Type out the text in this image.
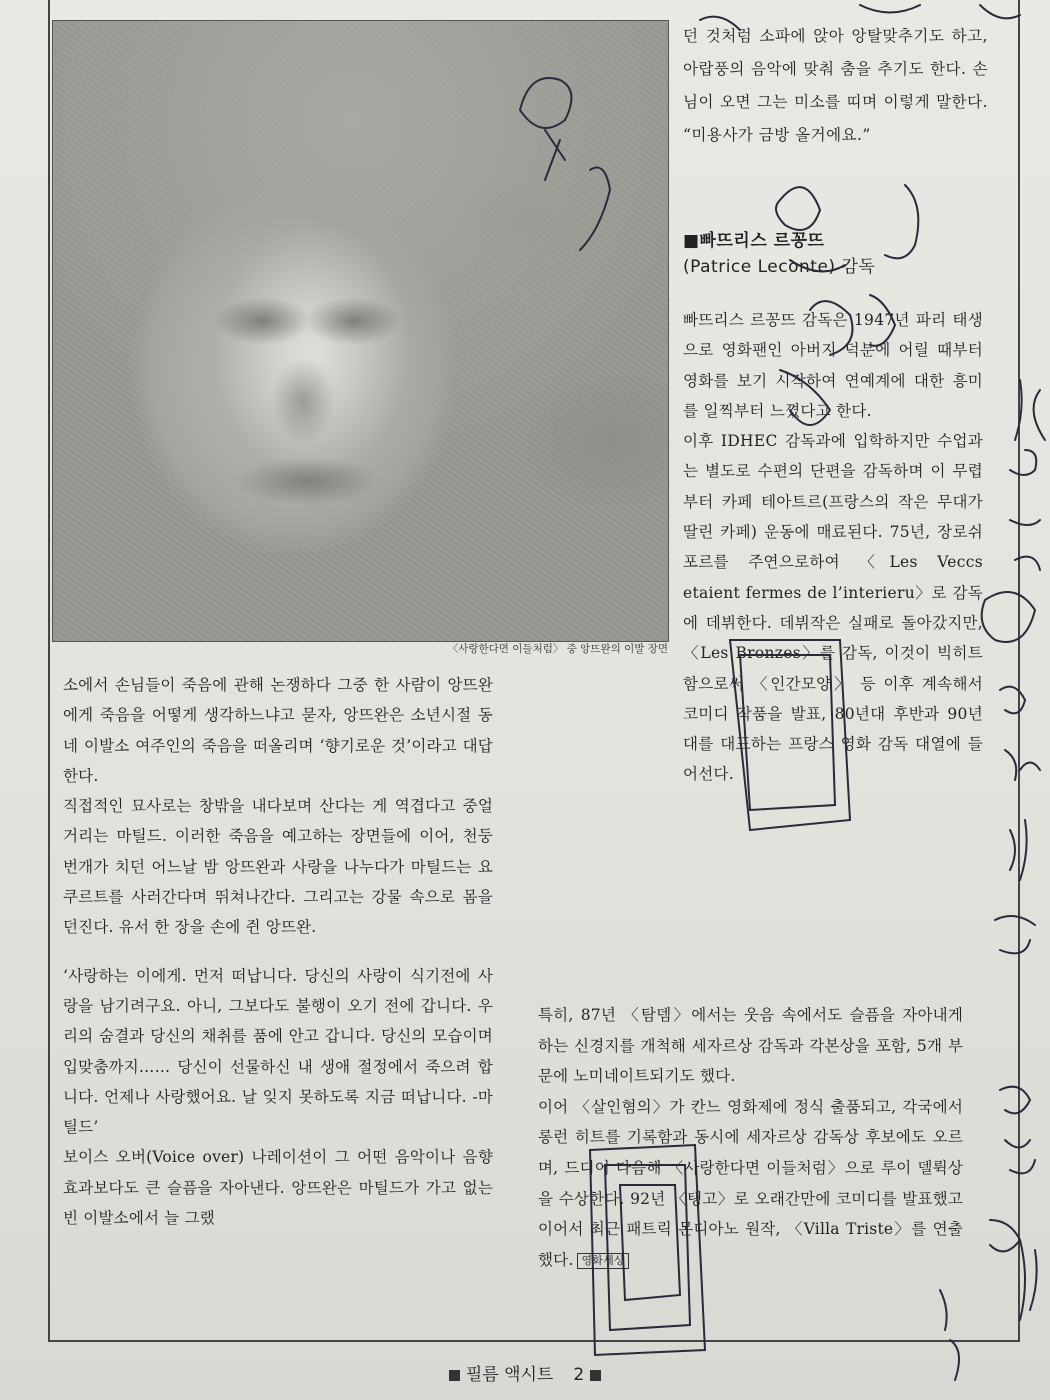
〈사랑한다면 이들처럼〉 중 앙뜨완의 이발 장면

던 것처럼 소파에 앉아 앙탈맞추기도 하고, 아랍풍의 음악에 맞춰 춤을 추기도 한다. 손님이 오면 그는 미소를 띠며 이렇게 말한다. “미용사가 금방 올거에요.”

■빠뜨리스 르꽁뜨
(Patrice Leconte) 감독

빠뜨리스 르꽁뜨 감독은 1947년 파리 태생으로 영화팬인 아버지 덕분에 어릴 때부터 영화를 보기 시작하여 연예계에 대한 흥미를 일찍부터 느꼈다고 한다.

이후 IDHEC 감독과에 입학하지만 수업과는 별도로 수편의 단편을 감독하며 이 무렵부터 카페 테아트르(프랑스의 작은 무대가 딸린 카페) 운동에 매료된다. 75년, 장로쉬포르를 주연으로하여 〈Les Veccs etaient fermes de l’interieru〉로 감독에 데뷔한다. 데뷔작은 실패로 돌아갔지만, 〈Les Bronzes〉를 감독, 이것이 빅히트함으로써 〈인간모양〉 등 이후 계속해서 코미디 작품을 발표, 80년대 후반과 90년대를 대표하는 프랑스 영화 감독 대열에 들어선다.

소에서 손님들이 죽음에 관해 논쟁하다 그중 한 사람이 앙뜨완에게 죽음을 어떻게 생각하느냐고 묻자, 앙뜨완은 소년시절 동네 이발소 여주인의 죽음을 떠올리며 ‘향기로운 것’이라고 대답한다.

직접적인 묘사로는 창밖을 내다보며 산다는 게 역겹다고 중얼거리는 마틸드. 이러한 죽음을 예고하는 장면들에 이어, 천둥 번개가 치던 어느날 밤 앙뜨완과 사랑을 나누다가 마틸드는 요쿠르트를 사러간다며 뛰쳐나간다. 그리고는 강물 속으로 몸을 던진다. 유서 한 장을 손에 쥔 앙뜨완.

‘사랑하는 이에게. 먼저 떠납니다. 당신의 사랑이 식기전에 사랑을 남기려구요. 아니, 그보다도 불행이 오기 전에 갑니다. 우리의 숨결과 당신의 채취를 품에 안고 갑니다. 당신의 모습이며 입맞춤까지…… 당신이 선물하신 내 생애 절정에서 죽으려 합니다. 언제나 사랑했어요. 날 잊지 못하도록 지금 떠납니다. -마틸드’

보이스 오버(Voice over) 나레이션이 그 어떤 음악이나 음향 효과보다도 큰 슬픔을 자아낸다. 앙뜨완은 마틸드가 가고 없는 빈 이발소에서 늘 그랬

특히, 87년 〈탐뎀〉에서는 웃음 속에서도 슬픔을 자아내게 하는 신경지를 개척해 세자르상 감독과 각본상을 포함, 5개 부문에 노미네이트되기도 했다.

이어 〈살인혐의〉가 칸느 영화제에 정식 출품되고, 각국에서 롱런 히트를 기록함과 동시에 세자르상 감독상 후보에도 오르며, 드디어 다음해 〈사랑한다면 이들처럼〉으로 루이 델뤽상을 수상한다. 92년 〈탱고〉로 오래간만에 코미디를 발표했고 이어서 최근 패트릭 몬디아노 원작, 〈Villa Triste〉를 연출했다. 영화세상

필름 액시트 2
